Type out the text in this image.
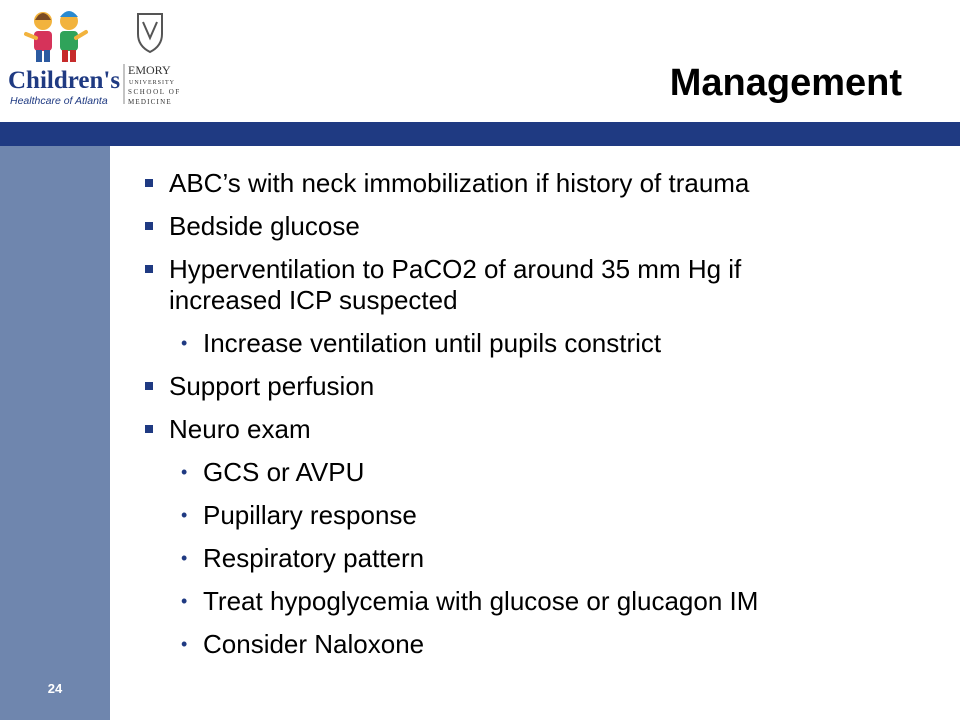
Children's
Healthcare of Atlanta
EMORY
UNIVERSITY
SCHOOL OF
MEDICINE	Management
24
ABC’s with neck immobilization if history of trauma
Bedside glucose
Hyperventilation to PaCO2 of around 35 mm Hg if
increased ICP suspected
• Increase ventilation until pupils constrict
Support perfusion
Neuro exam
• GCS or AVPU
• Pupillary response
• Respiratory pattern
• Treat hypoglycemia with glucose or glucagon IM
• Consider Naloxone
